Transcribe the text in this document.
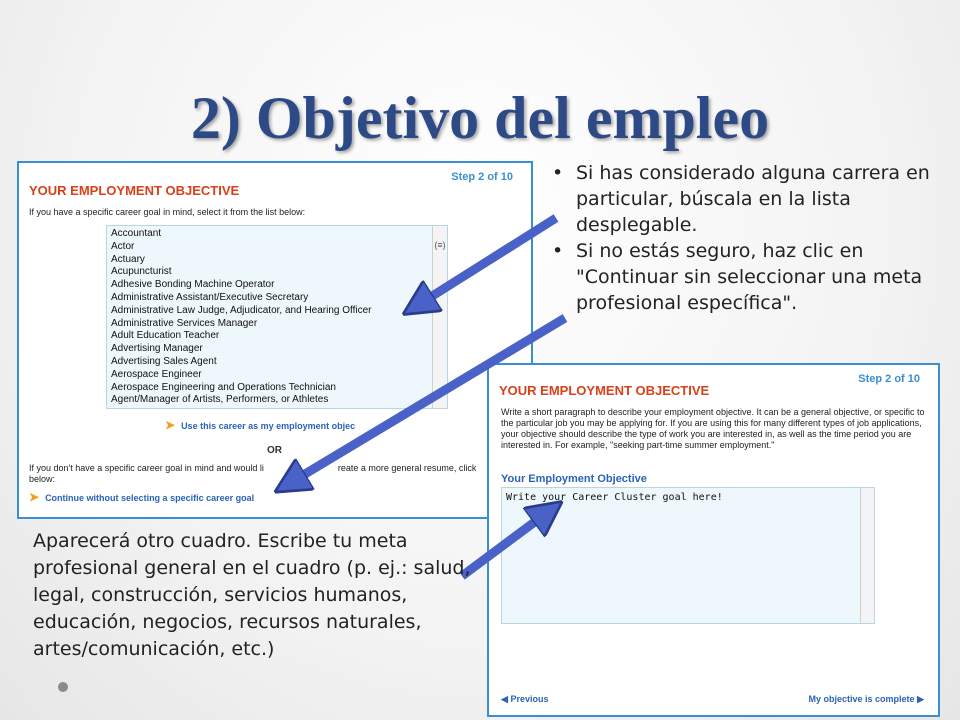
2) Objetivo del empleo
Step 2 of 10
YOUR EMPLOYMENT OBJECTIVE
If you have a specific career goal in mind, select it from the list below:
Accountant
Actor
Actuary
Acupuncturist
Adhesive Bonding Machine Operator
Administrative Assistant/Executive Secretary
Administrative Law Judge, Adjudicator, and Hearing Officer
Administrative Services Manager
Adult Education Teacher
Advertising Manager
Advertising Sales Agent
Aerospace Engineer
Aerospace Engineering and Operations Technician
Agent/Manager of Artists, Performers, or Athletes
(≡)
➤ Use this career as my employment objec
OR
If you don't have a specific career goal in mind and would li	reate a more general resume, click
below:
➤ Continue without selecting a specific career goal
Step 2 of 10
YOUR EMPLOYMENT OBJECTIVE
Write a short paragraph to describe your employment objective. It can be a general objective, or specific to the particular job you may be applying for. If you are using this for many different types of job applications, your objective should describe the type of work you are interested in, as well as the time period you are interested in. For example, "seeking part-time summer employment."
Your Employment Objective
Write your Career Cluster goal here!
◀ Previous	My objective is complete ▶
• Si has considerado alguna carrera en particular, búscala en la lista desplegable.
• Si no estás seguro, haz clic en "Continuar sin seleccionar una meta profesional específica".
Aparecerá otro cuadro. Escribe tu meta profesional general en el cuadro (p. ej.: salud, legal, construcción, servicios humanos, educación, negocios, recursos naturales, artes/comunicación, etc.)
